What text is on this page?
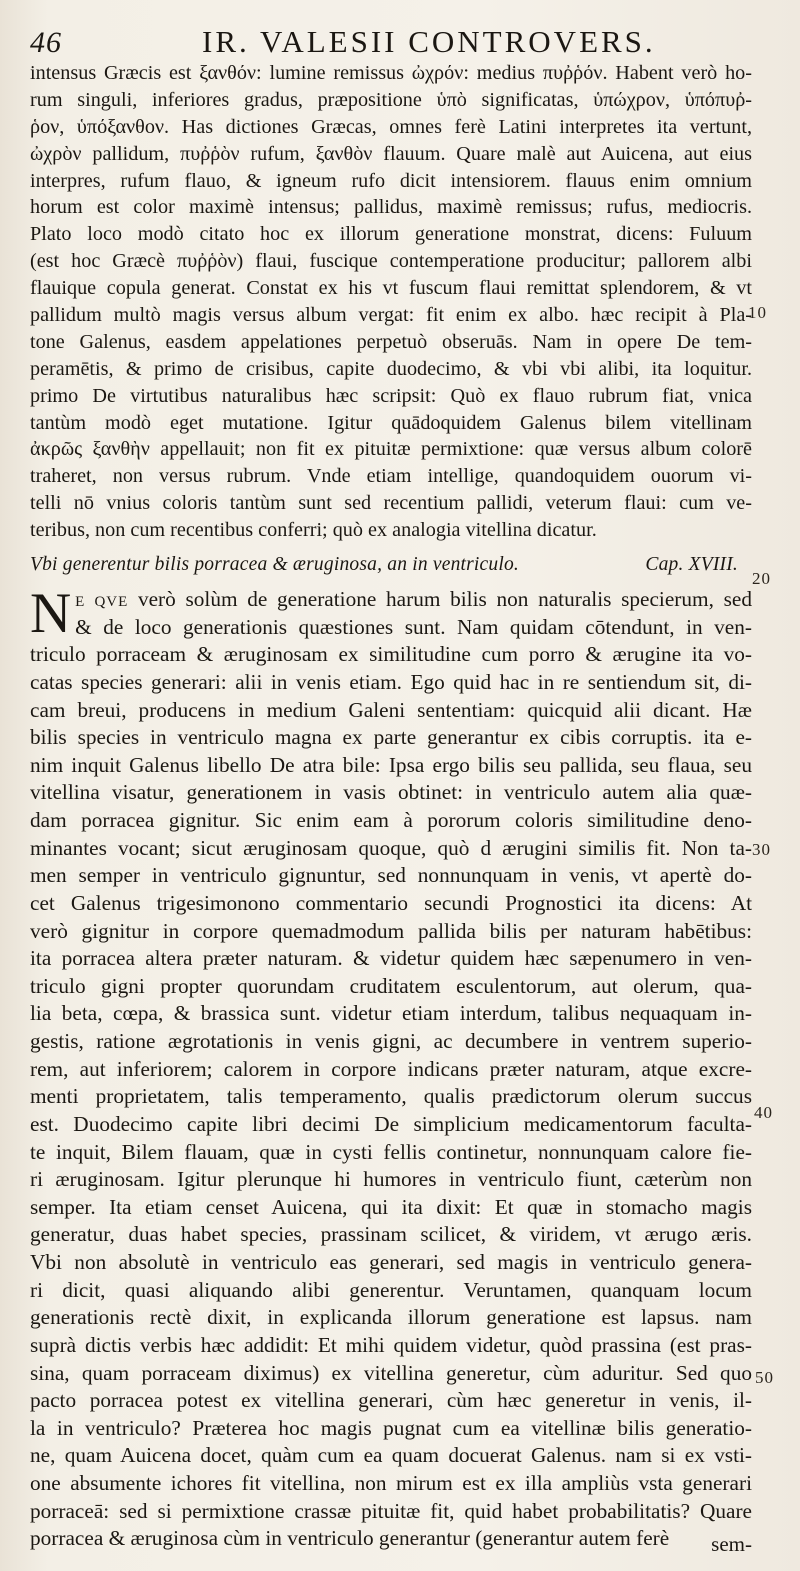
46	IR. VALESII CONTROVERS.
intensus Græcis est ξανθόν: lumine remissus ὠχρόν: medius πυῤῥόν. Habent verò ho-
rum singuli, inferiores gradus, præpositione ὑπὸ significatas, ὑπώχρον, ὑπόπυῤ-
ῥον, ὑπόξανθον. Has dictiones Græcas, omnes ferè Latini interpretes ita vertunt,
ὠχρὸν pallidum, πυῤῥὸν rufum, ξανθὸν flauum. Quare malè aut Auicena, aut eius
interpres, rufum flauo, & igneum rufo dicit intensiorem. flauus enim omnium
horum est color maximè intensus; pallidus, maximè remissus; rufus, mediocris.
Plato loco modò citato hoc ex illorum generatione monstrat, dicens: Fuluum
(est hoc Græcè πυῤῥὸν) flaui, fuscique contemperatione producitur; pallorem albi
flauique copula generat. Constat ex his vt fuscum flaui remittat splendorem, & vt
pallidum multò magis versus album vergat: fit enim ex albo. hæc recipit à Pla-
tone Galenus, easdem appelationes perpetuò obseruās. Nam in opere De tem-
peramētis, & primo de crisibus, capite duodecimo, & vbi vbi alibi, ita loquitur.
primo De virtutibus naturalibus hæc scripsit: Quò ex flauo rubrum fiat, vnica
tantùm modò eget mutatione. Igitur quādoquidem Galenus bilem vitellinam
ἀκρῶς ξανθὴν appellauit; non fit ex pituitæ permixtione: quæ versus album colorē
traheret, non versus rubrum. Vnde etiam intellige, quandoquidem ouorum vi-
telli nō vnius coloris tantùm sunt sed recentium pallidi, veterum flaui: cum ve-
teribus, non cum recentibus conferri; quò ex analogia vitellina dicatur.
Vbi generentur bilis porracea & æruginosa, an in ventriculo.	Cap. XVIII.
N E QVE verò solùm de generatione harum bilis non naturalis specierum, sed
& de loco generationis quæstiones sunt. Nam quidam cōtendunt, in ven-
triculo porraceam & æruginosam ex similitudine cum porro & ærugine ita vo-
catas species generari: alii in venis etiam. Ego quid hac in re sentiendum sit, di-
cam breui, producens in medium Galeni sententiam: quicquid alii dicant. Hæ
bilis species in ventriculo magna ex parte generantur ex cibis corruptis. ita e-
nim inquit Galenus libello De atra bile: Ipsa ergo bilis seu pallida, seu flaua, seu
vitellina visatur, generationem in vasis obtinet: in ventriculo autem alia quæ-
dam porracea gignitur. Sic enim eam à pororum coloris similitudine deno-
minantes vocant; sicut æruginosam quoque, quò d ærugini similis fit. Non ta-
men semper in ventriculo gignuntur, sed nonnunquam in venis, vt apertè do-
cet Galenus trigesimonono commentario secundi Prognostici ita dicens: At
verò gignitur in corpore quemadmodum pallida bilis per naturam habētibus:
ita porracea altera præter naturam. & videtur quidem hæc sæpenumero in ven-
triculo gigni propter quorundam cruditatem esculentorum, aut olerum, qua-
lia beta, cœpa, & brassica sunt. videtur etiam interdum, talibus nequaquam in-
gestis, ratione ægrotationis in venis gigni, ac decumbere in ventrem superio-
rem, aut inferiorem; calorem in corpore indicans præter naturam, atque excre-
menti proprietatem, talis temperamento, qualis prædictorum olerum succus
est. Duodecimo capite libri decimi De simplicium medicamentorum facultа-
te inquit, Bilem flauam, quæ in cysti fellis continetur, nonnunquam calore fie-
ri æruginosam. Igitur plerunque hi humores in ventriculo fiunt, cæterùm non
semper. Ita etiam censet Auicena, qui ita dixit: Et quæ in stomacho magis
generatur, duas habet species, prassinam scilicet, & viridem, vt ærugo æris.
Vbi non absolutè in ventriculo eas generari, sed magis in ventriculo genera-
ri dicit, quasi aliquando alibi generentur. Veruntamen, quanquam locum
generationis rectè dixit, in explicanda illorum generatione est lapsus. nam
suprà dictis verbis hæc addidit: Et mihi quidem videtur, quòd prassina (est pras-
sina, quam porraceam diximus) ex vitellina generetur, cùm aduritur. Sed quo
pacto porracea potest ex vitellina generari, cùm hæc generetur in venis, il-
la in ventriculo? Præterea hoc magis pugnat cum ea vitellinæ bilis generatio-
ne, quam Auicena docet, quàm cum ea quam docuerat Galenus. nam si ex vsti-
one absumente ichores fit vitellina, non mirum est ex illa ampliùs vsta generari
porraceā: sed si permixtione crassæ pituitæ fit, quid habet probabilitatis? Quare
porracea & æruginosa cùm in ventriculo generantur (generantur autem ferè
10
20
30
40
50
sem-
